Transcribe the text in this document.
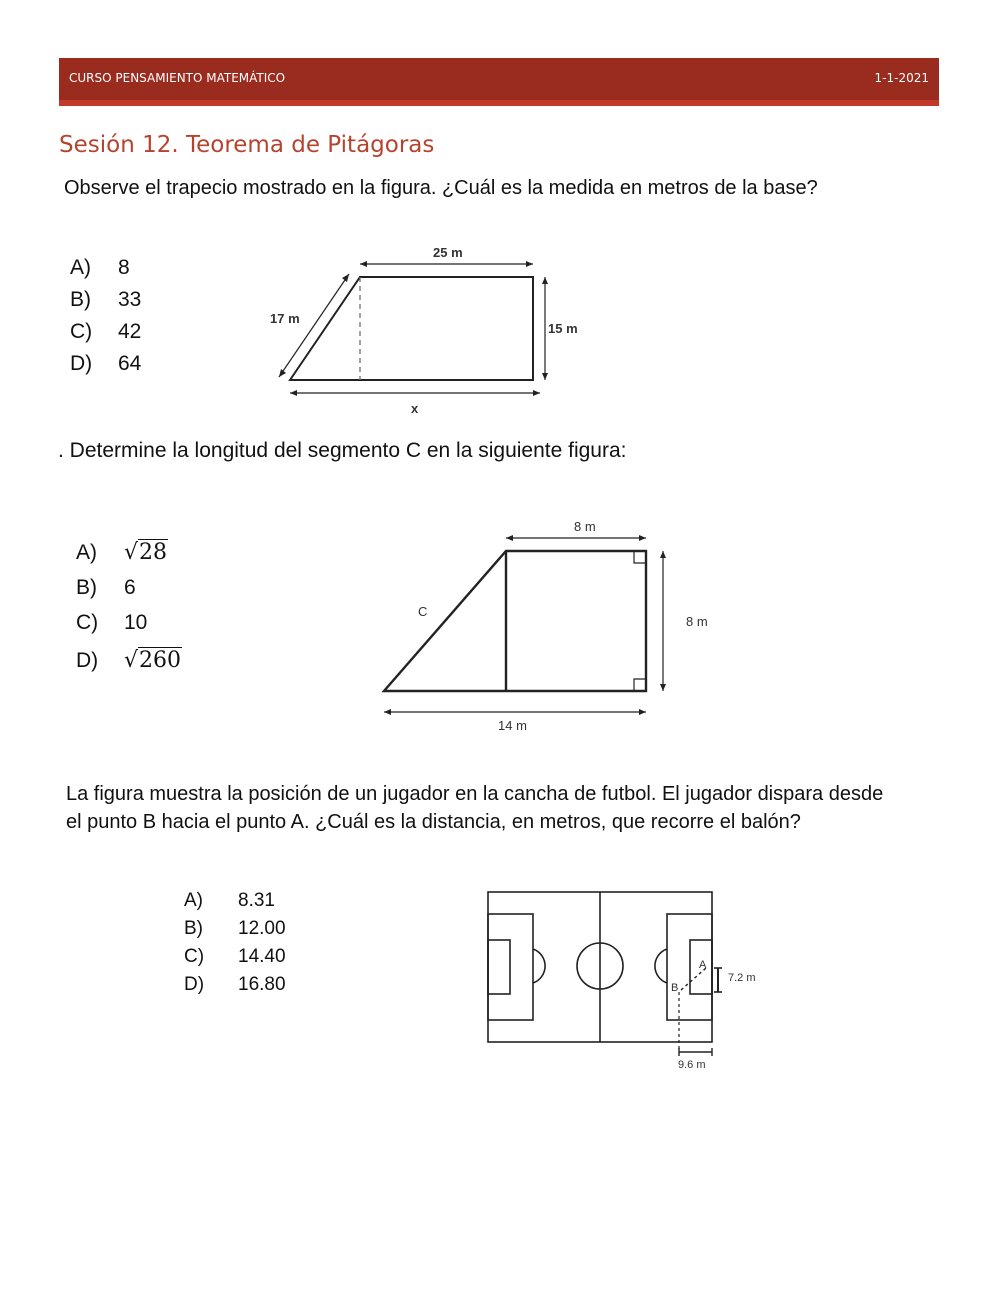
CURSO PENSAMIENTO MATEMÁTICO	1-1-2021
Sesión 12. Teorema de Pitágoras
Observe el trapecio mostrado en la figura. ¿Cuál es la medida en metros de la base?
A) 8
B) 33
C) 42
D) 64
25 m
17 m
15 m
x
. Determine la longitud del segmento C en la siguiente figura:
A) √28
B) 6
C) 10
D) √260
8 m
C
8 m
14 m
La figura muestra la posición de un jugador en la cancha de futbol. El jugador dispara desde
el punto B hacia el punto A. ¿Cuál es la distancia, en metros, que recorre el balón?
A) 8.31
B) 12.00
C) 14.40
D) 16.80
A
B
7.2 m
9.6 m
